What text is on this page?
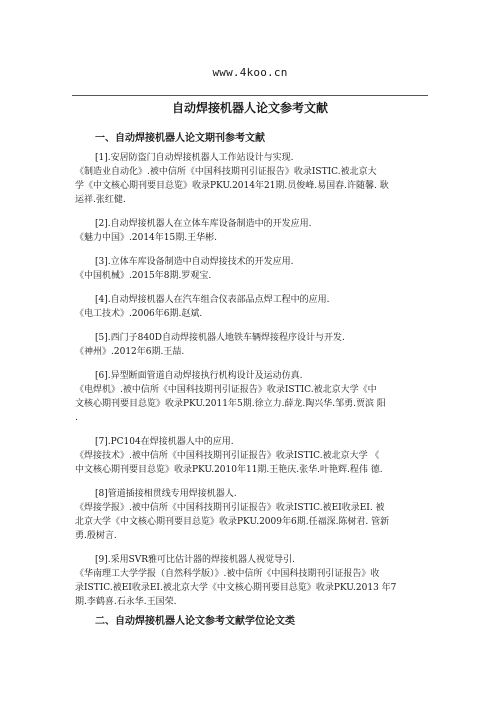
www.4koo.cn
自动焊接机器人论文参考文献
一、自动焊接机器人论文期刊参考文献
[1].安居防盗门自动焊接机器人工作站设计与实现.
《制造业自动化》.被中信所《中国科技期刊引证报告》收录ISTIC.被北京大
学《中文核心期刊要目总览》收录PKU.2014年21期.员俊峰.易国春.许随馨. 耿
运祥.张红健.
[2].自动焊接机器人在立体车库设备制造中的开发应用.
《魅力中国》.2014年15期.王华彬.
[3].立体车库设备制造中自动焊接技术的开发应用.
《中国机械》.2015年8期.罗观宝.
[4].自动焊接机器人在汽车组合仪表部品点焊工程中的应用.
《电工技术》.2006年6期.赵斌.
[5].西门子840D自动焊接机器人地铁车辆焊接程序设计与开发.
《神州》.2012年6期.王喆.
[6].异型断面管道自动焊接执行机构设计及运动仿真.
《电焊机》.被中信所《中国科技期刊引证报告》收录ISTIC.被北京大学《中
文核心期刊要目总览》收录PKU.2011年5期.徐立力.薛龙.陶兴华.邹勇.贾滨 阳
.
[7].PC104在焊接机器人中的应用.
《焊接技术》.被中信所《中国科技期刊引证报告》收录ISTIC.被北京大学 《
中文核心期刊要目总览》收录PKU.2010年11期.王艳庆.张华.叶艳辉.程伟 德.
[8]管道插接相贯线专用焊接机器人.
《焊接学报》.被中信所《中国科技期刊引证报告》收录ISTIC.被EI收录EI. 被
北京大学《中文核心期刊要目总览》收录PKU.2009年6期.任福深.陈树君. 管新
勇.殷树言.
[9].采用SVR雅可比估计器的焊接机器人视觉导引.
《华南理工大学学报（自然科学版）》.被中信所《中国科技期刊引证报告》收
录ISTIC.被EI收录EI.被北京大学《中文核心期刊要目总览》收录PKU.2013 年7
期.李鹤喜.石永华.王国荣.
二、自动焊接机器人论文参考文献学位论文类
